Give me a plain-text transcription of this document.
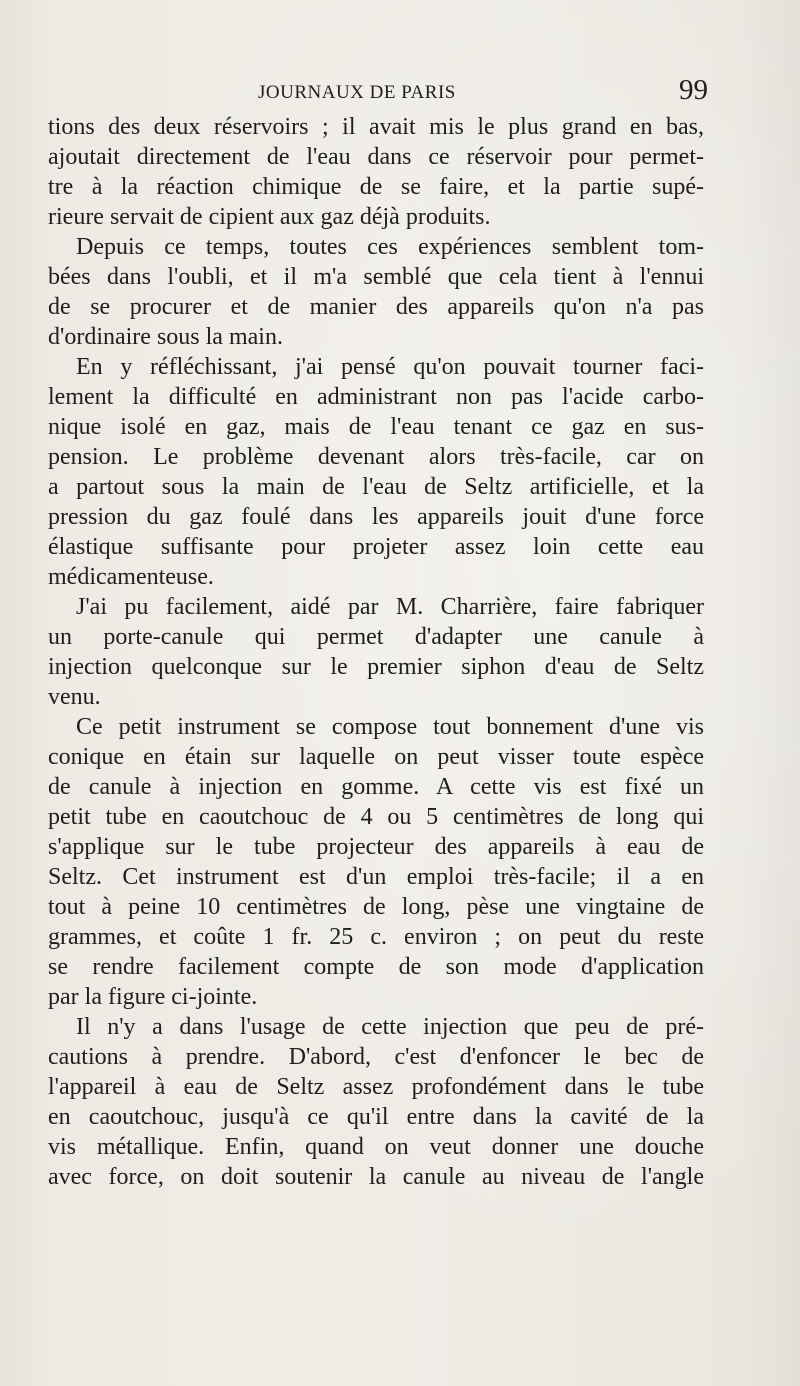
JOURNAUX DE PARIS	99
tions des deux réservoirs ; il avait mis le plus grand en bas,
ajoutait directement de l'eau dans ce réservoir pour permet-
tre à la réaction chimique de se faire, et la partie supé-
rieure servait de cipient aux gaz déjà produits.
Depuis ce temps, toutes ces expériences semblent tom-
bées dans l'oubli, et il m'a semblé que cela tient à l'ennui
de se procurer et de manier des appareils qu'on n'a pas
d'ordinaire sous la main.
En y réfléchissant, j'ai pensé qu'on pouvait tourner faci-
lement la difficulté en administrant non pas l'acide carbo-
nique isolé en gaz, mais de l'eau tenant ce gaz en sus-
pension. Le problème devenant alors très-facile, car on
a partout sous la main de l'eau de Seltz artificielle, et la
pression du gaz foulé dans les appareils jouit d'une force
élastique suffisante pour projeter assez loin cette eau
médicamenteuse.
J'ai pu facilement, aidé par M. Charrière, faire fabriquer
un porte-canule qui permet d'adapter une canule à
injection quelconque sur le premier siphon d'eau de Seltz
venu.
Ce petit instrument se compose tout bonnement d'une vis
conique en étain sur laquelle on peut visser toute espèce
de canule à injection en gomme. A cette vis est fixé un
petit tube en caoutchouc de 4 ou 5 centimètres de long qui
s'applique sur le tube projecteur des appareils à eau de
Seltz. Cet instrument est d'un emploi très-facile; il a en
tout à peine 10 centimètres de long, pèse une vingtaine de
grammes, et coûte 1 fr. 25 c. environ ; on peut du reste
se rendre facilement compte de son mode d'application
par la figure ci-jointe.
Il n'y a dans l'usage de cette injection que peu de pré-
cautions à prendre. D'abord, c'est d'enfoncer le bec de
l'appareil à eau de Seltz assez profondément dans le tube
en caoutchouc, jusqu'à ce qu'il entre dans la cavité de la
vis métallique. Enfin, quand on veut donner une douche
avec force, on doit soutenir la canule au niveau de l'angle
